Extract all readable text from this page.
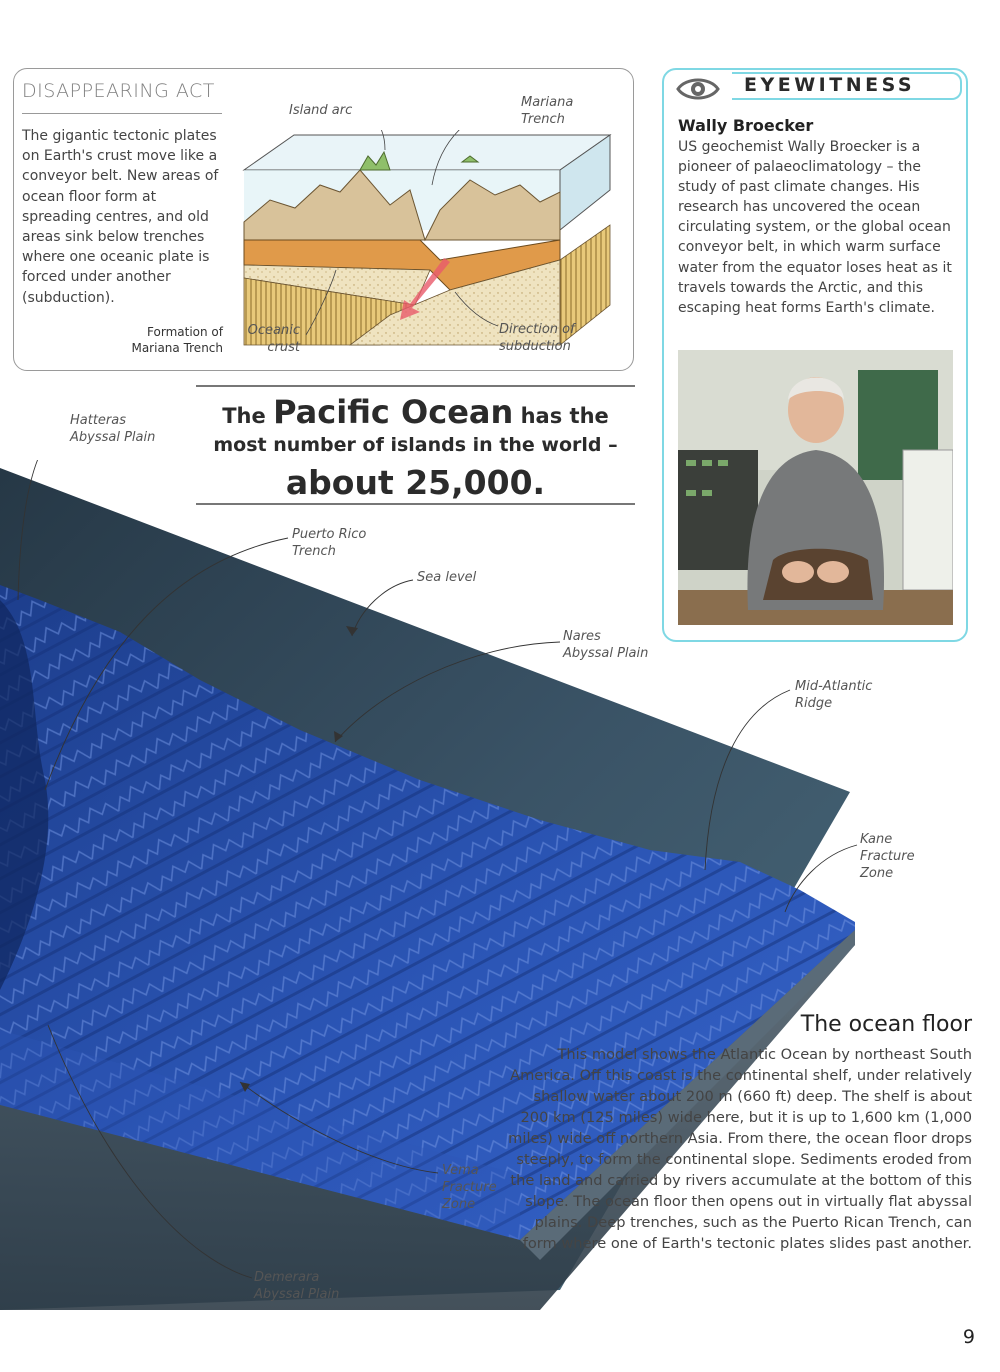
DISAPPEARING ACT
The gigantic tectonic plates on Earth's crust move like a conveyor belt. New areas of ocean floor form at spreading centres, and old areas sink below trenches where one oceanic plate is forced under another (subduction).
Formation of
Mariana Trench
Island arc
Mariana
Trench
Oceanic
crust
Direction of
subduction
EYEWITNESS
Wally Broecker
US geochemist Wally Broecker is a pioneer of palaeoclimatology – the study of past climate changes. His research has uncovered the ocean circulating system, or the global ocean conveyor belt, in which warm surface water from the equator loses heat as it travels towards the Arctic, and this escaping heat forms Earth's climate.
The Pacific Ocean has the
most number of islands in the world –
about 25,000.
Hatteras
Abyssal Plain
Puerto Rico
Trench
Sea level
Nares
Abyssal Plain
Mid-Atlantic
Ridge
Kane
Fracture
Zone
Vema
Fracture
Zone
Demerara
Abyssal Plain
The ocean floor
This model shows the Atlantic Ocean by northeast South America. Off this coast is the continental shelf, under relatively shallow water about 200 m (660 ft) deep. The shelf is about 200 km (125 miles) wide here, but it is up to 1,600 km (1,000 miles) wide off northern Asia. From there, the ocean floor drops steeply, to form the continental slope. Sediments eroded from the land and carried by rivers accumulate at the bottom of this slope. The ocean floor then opens out in virtually flat abyssal plains. Deep trenches, such as the Puerto Rican Trench, can form where one of Earth's tectonic plates slides past another.
9
